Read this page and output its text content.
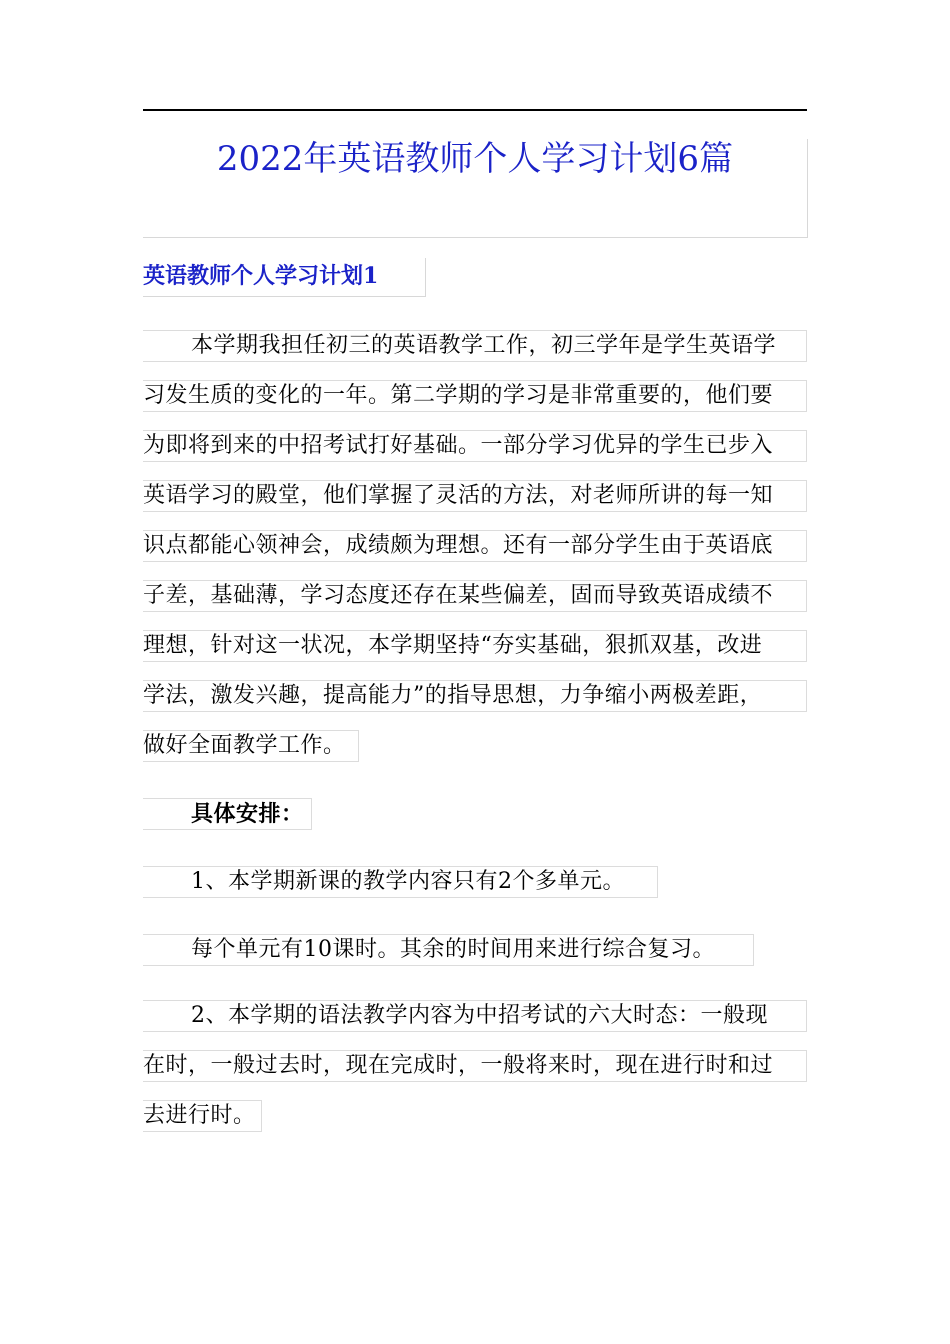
2022年英语教师个人学习计划6篇
英语教师个人学习计划1
本学期我担任初三的英语教学工作，初三学年是学生英语学
习发生质的变化的一年。第二学期的学习是非常重要的，他们要
为即将到来的中招考试打好基础。一部分学习优异的学生已步入
英语学习的殿堂，他们掌握了灵活的方法，对老师所讲的每一知
识点都能心领神会，成绩颇为理想。还有一部分学生由于英语底
子差，基础薄，学习态度还存在某些偏差，固而导致英语成绩不
理想，针对这一状况，本学期坚持“夯实基础，狠抓双基，改进
学法，激发兴趣，提高能力”的指导思想，力争缩小两极差距，
做好全面教学工作。
具体安排：
1、本学期新课的教学内容只有2个多单元。
每个单元有10课时。其余的时间用来进行综合复习。
2、本学期的语法教学内容为中招考试的六大时态：一般现
在时，一般过去时，现在完成时，一般将来时，现在进行时和过
去进行时。
